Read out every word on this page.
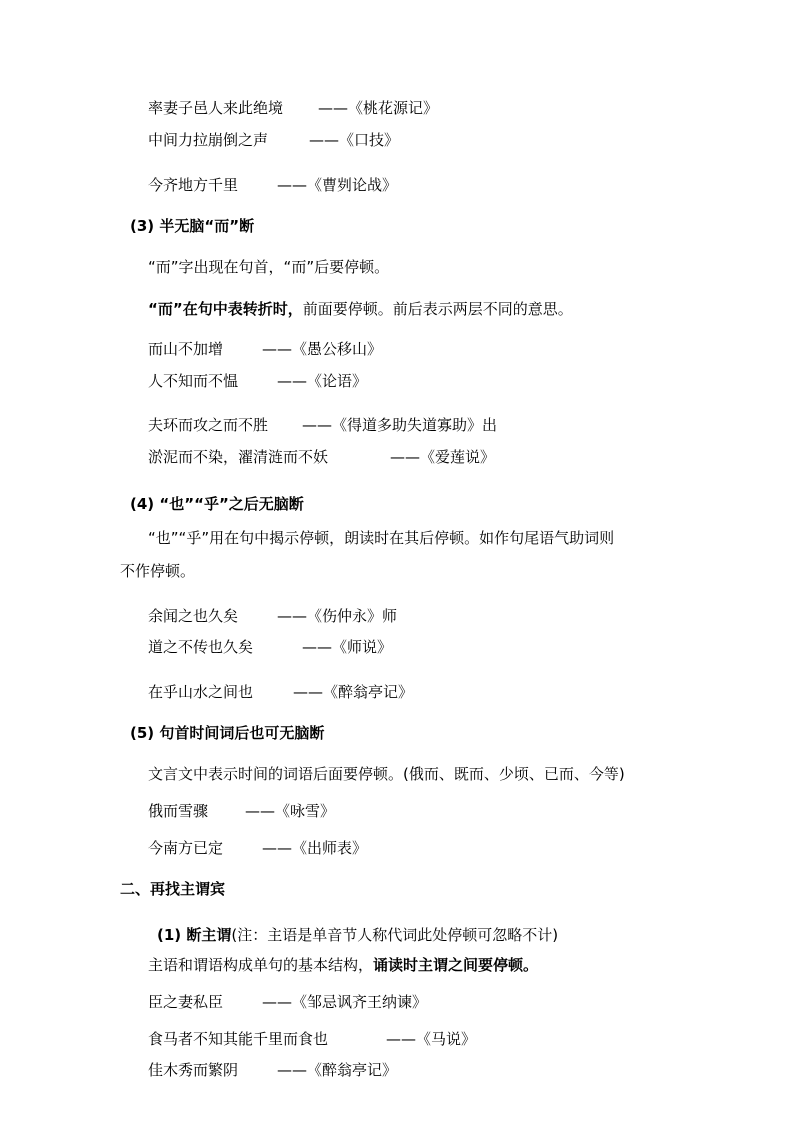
率妻子邑人来此绝境 ——《桃花源记》
中间力拉崩倒之声	——《口技》
今齐地方千里	——《曹刿论战》
(3) 半无脑“而”断
“而”字出现在句首，“而”后要停顿。
“而”在句中表转折时，前面要停顿。前后表示两层不同的意思。
而山不加增	——《愚公移山》
人不知而不愠	——《论语》
夫环而攻之而不胜 ——《得道多助失道寡助》出
淤泥而不染，濯清涟而不妖	——《爱莲说》
(4) “也”“乎”之后无脑断
“也”“乎”用在句中揭示停顿，朗读时在其后停顿。如作句尾语气助词则
不作停顿。
余闻之也久矣	——《伤仲永》师
道之不传也久矣	——《师说》
在乎山水之间也	——《醉翁亭记》
(5) 句首时间词后也可无脑断
文言文中表示时间的词语后面要停顿。(俄而、既而、少顷、已而、今等)
俄而雪骤 ——《咏雪》
今南方已定	——《出师表》
二、再找主谓宾
(1) 断主谓(注：主语是单音节人称代词此处停顿可忽略不计)
主语和谓语构成单句的基本结构，诵读时主谓之间要停顿。
臣之妻私臣	——《邹忌讽齐王纳谏》
食马者不知其能千里而食也	——《马说》
佳木秀而繁阴	——《醉翁亭记》
